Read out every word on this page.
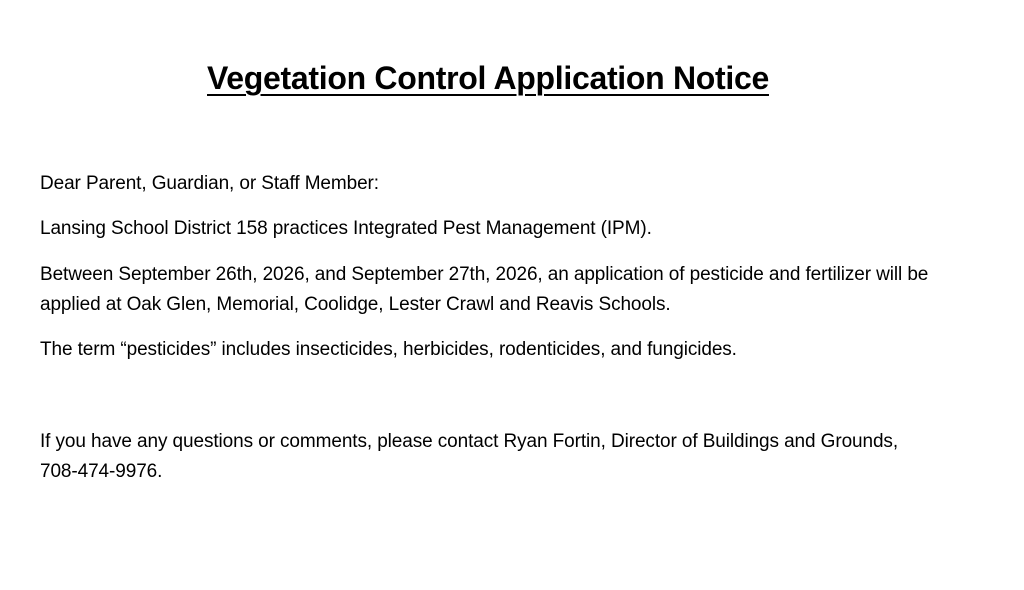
Vegetation Control Application Notice

Dear Parent, Guardian, or Staff Member:

Lansing School District 158 practices Integrated Pest Management (IPM).

Between September 26th, 2026, and September 27th, 2026, an application of pesticide and fertilizer will be applied at Oak Glen, Memorial, Coolidge, Lester Crawl and Reavis Schools.

The term “pesticides” includes insecticides, herbicides, rodenticides, and fungicides.

If you have any questions or comments, please contact Ryan Fortin, Director of Buildings and Grounds, 708-474-9976.
